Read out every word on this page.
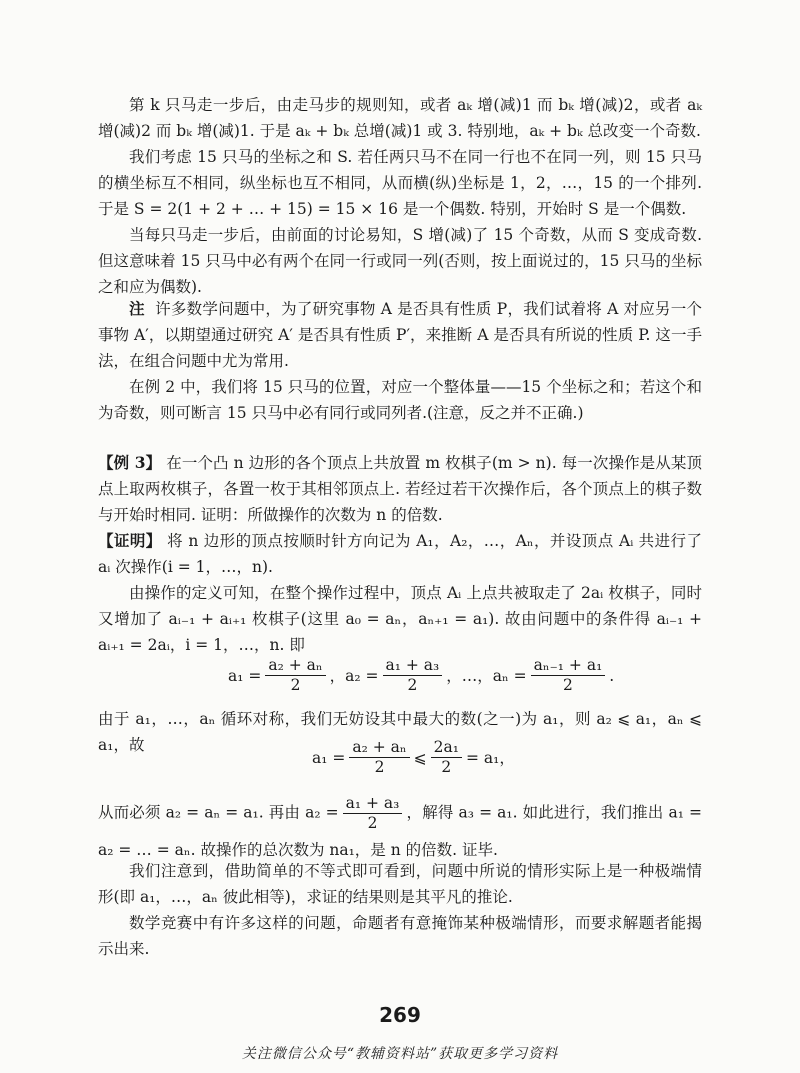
第 k 只马走一步后，由走马步的规则知，或者 aₖ 增(减)1 而 bₖ 增(减)2，或者 aₖ 增(减)2 而 bₖ 增(减)1. 于是 aₖ + bₖ 总增(减)1 或 3. 特别地，aₖ + bₖ 总改变一个奇数.

我们考虑 15 只马的坐标之和 S. 若任两只马不在同一行也不在同一列，则 15 只马的横坐标互不相同，纵坐标也互不相同，从而横(纵)坐标是 1，2，…，15 的一个排列. 于是 S = 2(1 + 2 + … + 15) = 15 × 16 是一个偶数. 特别，开始时 S 是一个偶数.

当每只马走一步后，由前面的讨论易知，S 增(减)了 15 个奇数，从而 S 变成奇数. 但这意味着 15 只马中必有两个在同一行或同一列(否则，按上面说过的，15 只马的坐标之和应为偶数).

注 许多数学问题中，为了研究事物 A 是否具有性质 P，我们试着将 A 对应另一个事物 A′，以期望通过研究 A′ 是否具有性质 P′，来推断 A 是否具有所说的性质 P. 这一手法，在组合问题中尤为常用.

在例 2 中，我们将 15 只马的位置，对应一个整体量——15 个坐标之和；若这个和为奇数，则可断言 15 只马中必有同行或同列者.(注意，反之并不正确.)

【例 3】 在一个凸 n 边形的各个顶点上共放置 m 枚棋子(m > n). 每一次操作是从某顶点上取两枚棋子，各置一枚于其相邻顶点上. 若经过若干次操作后，各个顶点上的棋子数与开始时相同. 证明：所做操作的次数为 n 的倍数.

【证明】 将 n 边形的顶点按顺时针方向记为 A₁，A₂，…，Aₙ，并设顶点 Aᵢ 共进行了 aᵢ 次操作(i = 1，…，n).

由操作的定义可知，在整个操作过程中，顶点 Aᵢ 上点共被取走了 2aᵢ 枚棋子，同时又增加了 aᵢ₋₁ + aᵢ₊₁ 枚棋子(这里 a₀ = aₙ，aₙ₊₁ = a₁). 故由问题中的条件得 aᵢ₋₁ + aᵢ₊₁ = 2aᵢ，i = 1，…，n. 即

$a_1 = \frac{\text{a₂ + aₙ}}{2}$ ，$a_2 = \frac{\text{a₁ + a₃}}{2}$ ，…，$a_n = \frac{\text{aₙ₋₁ + a₁}}{2}$ .

由于 a₁，…，aₙ 循环对称，我们无妨设其中最大的数(之一)为 a₁，则 a₂ ⩽ a₁，aₙ ⩽ a₁，故

$a_1 = \frac{\text{a₂ + aₙ}}{2}$ ⩽ $\frac{\text{2a₁}}{2} = a_1$，

从而必须 a₂ = aₙ = a₁. 再由 $a_2 = \frac{\text{a₁ + a₃}}{2}$ ，解得 a₃ = a₁. 如此进行，我们推出 a₁ = a₂ = … = aₙ. 故操作的总次数为 na₁，是 n 的倍数. 证毕.

我们注意到，借助简单的不等式即可看到，问题中所说的情形实际上是一种极端情形(即 a₁，…，aₙ 彼此相等)，求证的结果则是其平凡的推论.

数学竞赛中有许多这样的问题，命题者有意掩饰某种极端情形，而要求解题者能揭示出来.

269
关注微信公众号“教辅资料站”获取更多学习资料
